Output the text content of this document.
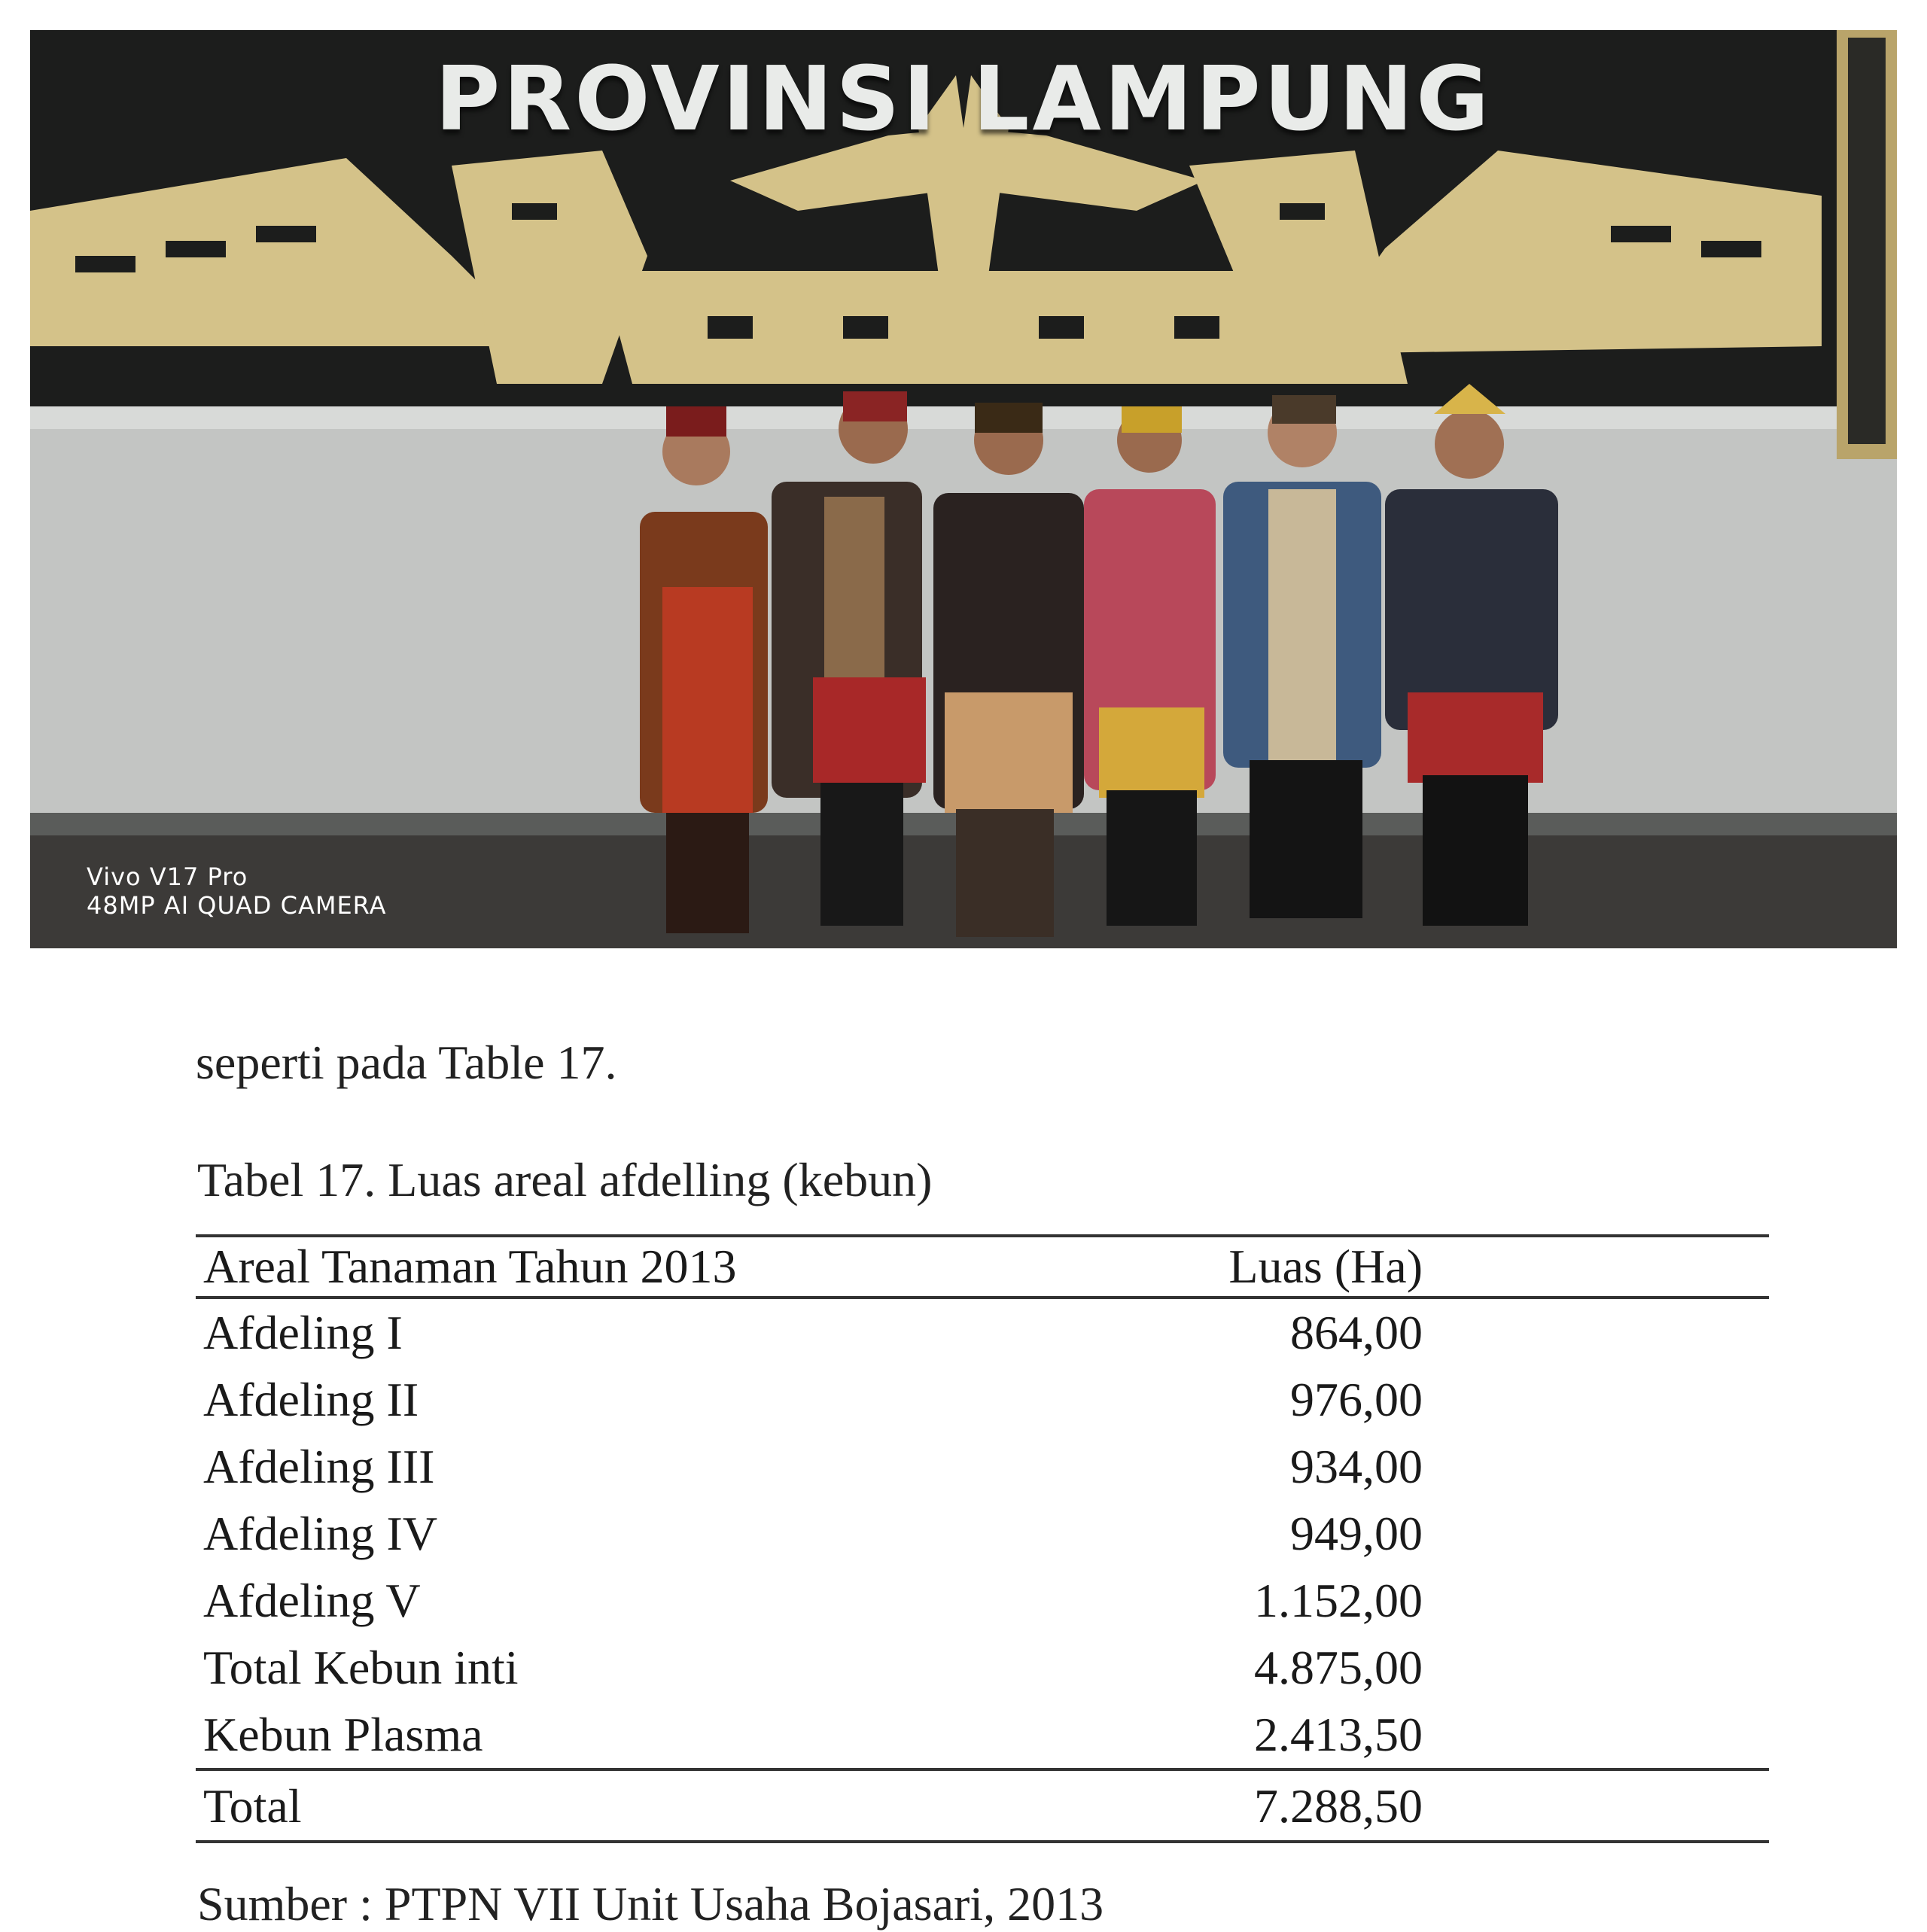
PROVINSI LAMPUNG
Vivo V17 Pro
48MP AI QUAD CAMERA
seperti pada Table 17.
Tabel 17. Luas areal afdelling (kebun)
Areal Tanaman Tahun 2013	Luas (Ha)	
Afdeling I	864,00	
Afdeling II	976,00	
Afdeling III	934,00	
Afdeling IV	949,00	
Afdeling V	1.152,00	
Total Kebun inti	4.875,00	
Kebun Plasma	2.413,50	
Total	7.288,50	
Sumber : PTPN VII Unit Usaha Bojasari, 2013
